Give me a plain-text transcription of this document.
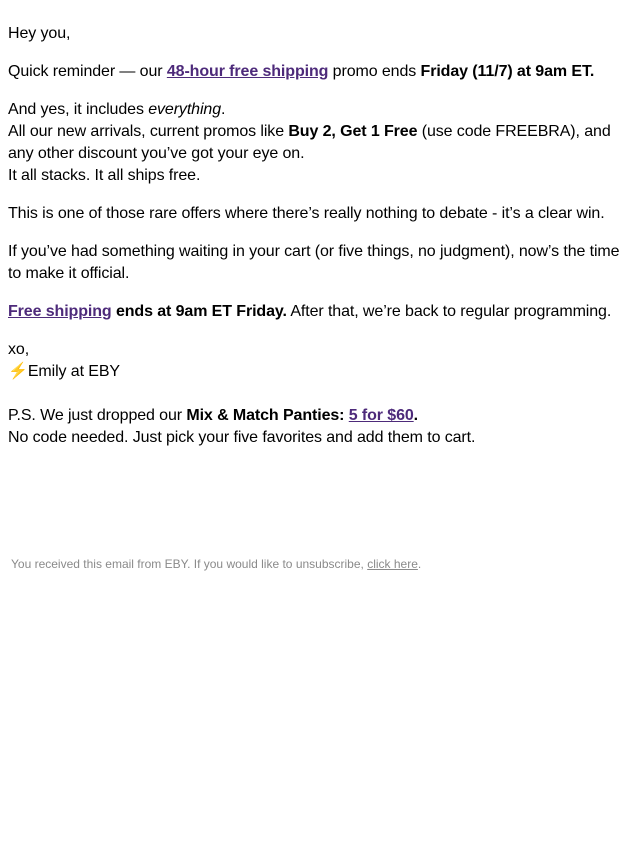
Hey you,

Quick reminder — our 48-hour free shipping promo ends Friday (11/7) at 9am ET.

And yes, it includes everything.
All our new arrivals, current promos like Buy 2, Get 1 Free (use code FREEBRA), and any other discount you’ve got your eye on.
It all stacks. It all ships free.

This is one of those rare offers where there’s really nothing to debate - it’s a clear win.

If you’ve had something waiting in your cart (or five things, no judgment), now’s the time to make it official.

Free shipping ends at 9am ET Friday. After that, we’re back to regular programming.

xo,
⚡Emily at EBY

P.S. We just dropped our Mix & Match Panties: 5 for $60.
No code needed. Just pick your five favorites and add them to cart.

You received this email from EBY. If you would like to unsubscribe, click here.
